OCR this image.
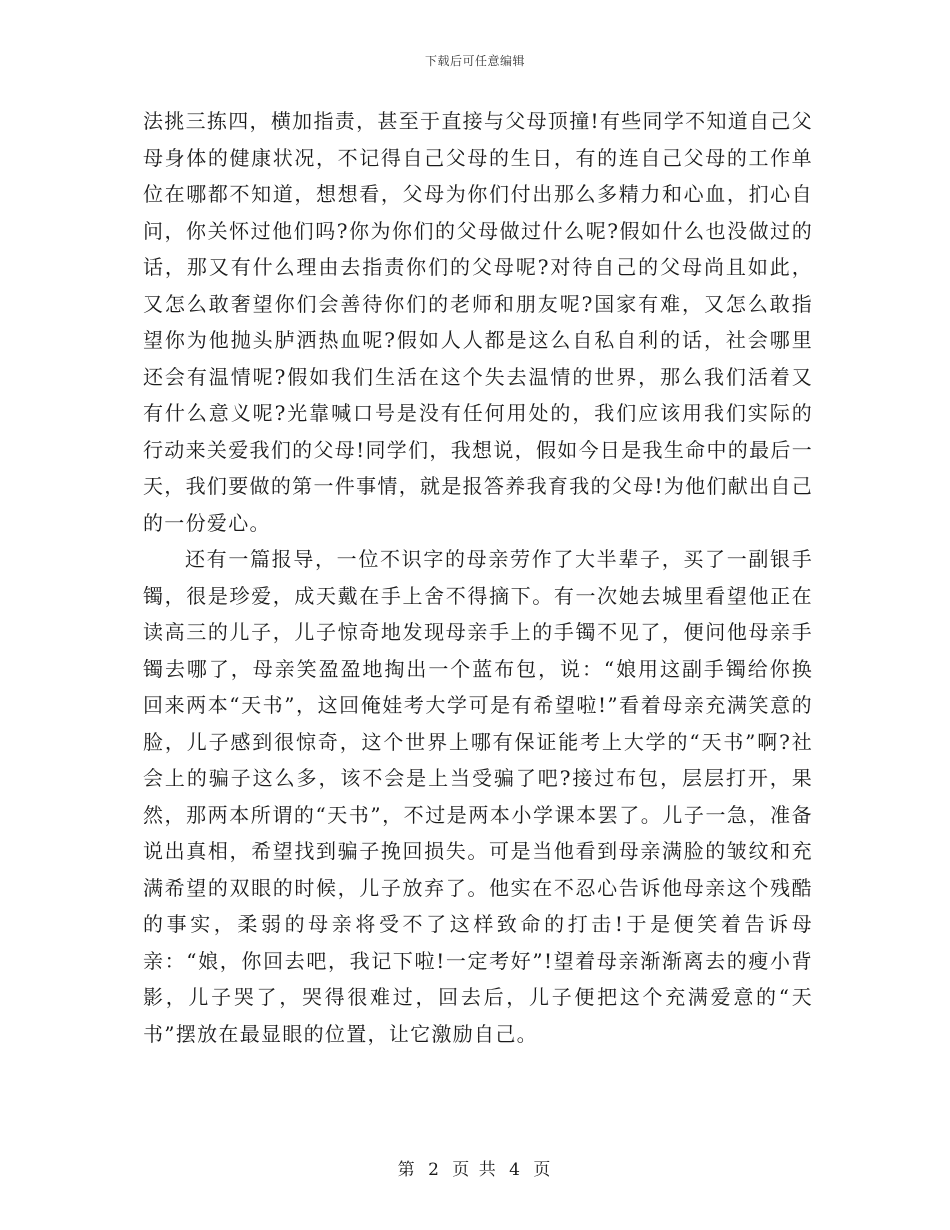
下载后可任意编辑

法挑三拣四，横加指责，甚至于直接与父母顶撞!有些同学不知道自己父母身体的健康状况，不记得自己父母的生日，有的连自己父母的工作单位在哪都不知道，想想看，父母为你们付出那么多精力和心血，扪心自问，你关怀过他们吗?你为你们的父母做过什么呢?假如什么也没做过的话，那又有什么理由去指责你们的父母呢?对待自己的父母尚且如此，又怎么敢奢望你们会善待你们的老师和朋友呢?国家有难，又怎么敢指望你为他抛头胪洒热血呢?假如人人都是这么自私自利的话，社会哪里还会有温情呢?假如我们生活在这个失去温情的世界，那么我们活着又有什么意义呢?光靠喊口号是没有任何用处的，我们应该用我们实际的行动来关爱我们的父母!同学们，我想说，假如今日是我生命中的最后一天，我们要做的第一件事情，就是报答养我育我的父母!为他们献出自己的一份爱心。

还有一篇报导，一位不识字的母亲劳作了大半辈子，买了一副银手镯，很是珍爱，成天戴在手上舍不得摘下。有一次她去城里看望他正在读高三的儿子，儿子惊奇地发现母亲手上的手镯不见了，便问他母亲手镯去哪了，母亲笑盈盈地掏出一个蓝布包，说：“娘用这副手镯给你换回来两本“天书”，这回俺娃考大学可是有希望啦!”看着母亲充满笑意的脸，儿子感到很惊奇，这个世界上哪有保证能考上大学的“天书”啊?社会上的骗子这么多，该不会是上当受骗了吧?接过布包，层层打开，果然，那两本所谓的“天书”，不过是两本小学课本罢了。儿子一急，准备说出真相，希望找到骗子挽回损失。可是当他看到母亲满脸的皱纹和充满希望的双眼的时候，儿子放弃了。他实在不忍心告诉他母亲这个残酷的事实，柔弱的母亲将受不了这样致命的打击!于是便笑着告诉母亲：“娘，你回去吧，我记下啦!一定考好”!望着母亲渐渐离去的瘦小背影，儿子哭了，哭得很难过，回去后，儿子便把这个充满爱意的“天书”摆放在最显眼的位置，让它激励自己。

第 2 页 共 4 页
